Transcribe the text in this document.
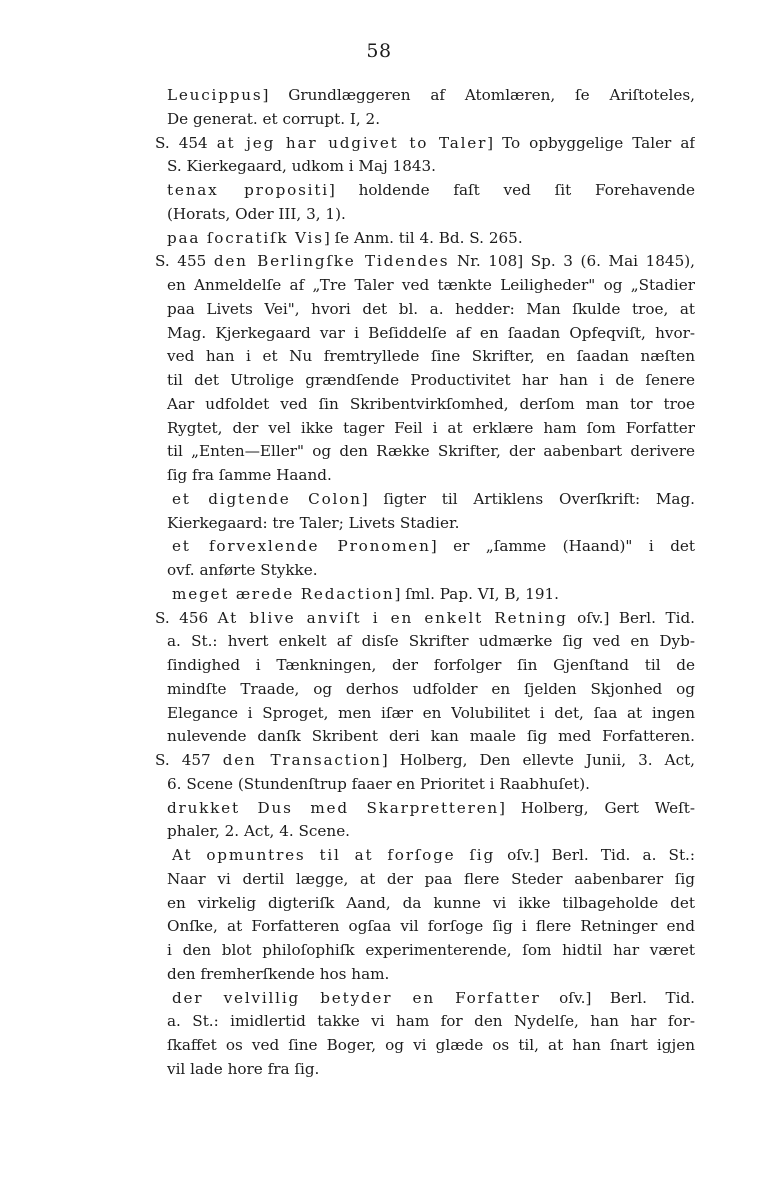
58
Leucippus] Grundlæggeren af Atomlæren, ſe Ariſtoteles,
De generat. et corrupt. I, 2.
S. 454 at jeg har udgivet to Taler] To opbyggelige Taler af
S. Kierkegaard, udkom i Maj 1843.
tenax propositi] holdende faſt ved ſit Forehavende
(Horats, Oder III, 3, 1).
paa ſocratiſk Vis] ſe Anm. til 4. Bd. S. 265.
S. 455 den Berlingſke Tidendes Nr. 108] Sp. 3 (6. Mai 1845),
en Anmeldelſe af „Tre Taler ved tænkte Leiligheder" og „Stadier
paa Livets Vei", hvori det bl. a. hedder: Man ſkulde troe, at
Mag. Kjerkegaard var i Beſiddelſe af en ſaadan Opfeqviſt, hvor-
ved han i et Nu fremtryllede ſine Skrifter, en ſaadan næſten
til det Utrolige grændſende Productivitet har han i de ſenere
Aar udfoldet ved ſin Skribentvirkſomhed, derſom man tor troe
Rygtet, der vel ikke tager Feil i at erklære ham ſom Forfatter
til „Enten—Eller" og den Række Skrifter, der aabenbart derivere
ſig fra ſamme Haand.
et digtende Colon] ſigter til Artiklens Overſkrift: Mag.
Kierkegaard: tre Taler; Livets Stadier.
et forvexlende Pronomen] er „ſamme (Haand)" i det
ovf. anførte Stykke.
meget ærede Redaction] ſml. Pap. VI, B, 191.
S. 456 At blive anviſt i en enkelt Retning oſv.] Berl. Tid.
a. St.: hvert enkelt af disſe Skrifter udmærke ſig ved en Dyb-
ſindighed i Tænkningen, der forfolger ſin Gjenſtand til de
mindſte Traade, og derhos udfolder en ſjelden Skjonhed og
Elegance i Sproget, men iſær en Volubilitet i det, ſaa at ingen
nulevende danſk Skribent deri kan maale ſig med Forfatteren.
S. 457 den Transaction] Holberg, Den ellevte Junii, 3. Act,
6. Scene (Stundenſtrup faaer en Prioritet i Raabhuſet).
drukket Dus med Skarpretteren] Holberg, Gert Weſt-
phaler, 2. Act, 4. Scene.
At opmuntres til at forſoge ſig oſv.] Berl. Tid. a. St.:
Naar vi dertil lægge, at der paa flere Steder aabenbarer ſig
en virkelig digteriſk Aand, da kunne vi ikke tilbageholde det
Onſke, at Forfatteren ogſaa vil forſoge ſig i flere Retninger end
i den blot philoſophiſk experimenterende, ſom hidtil har været
den fremherſkende hos ham.
der velvillig betyder en Forfatter oſv.] Berl. Tid.
a. St.: imidlertid takke vi ham for den Nydelſe, han har for-
ſkaffet os ved ſine Boger, og vi glæde os til, at han ſnart igjen
vil lade hore fra ſig.
